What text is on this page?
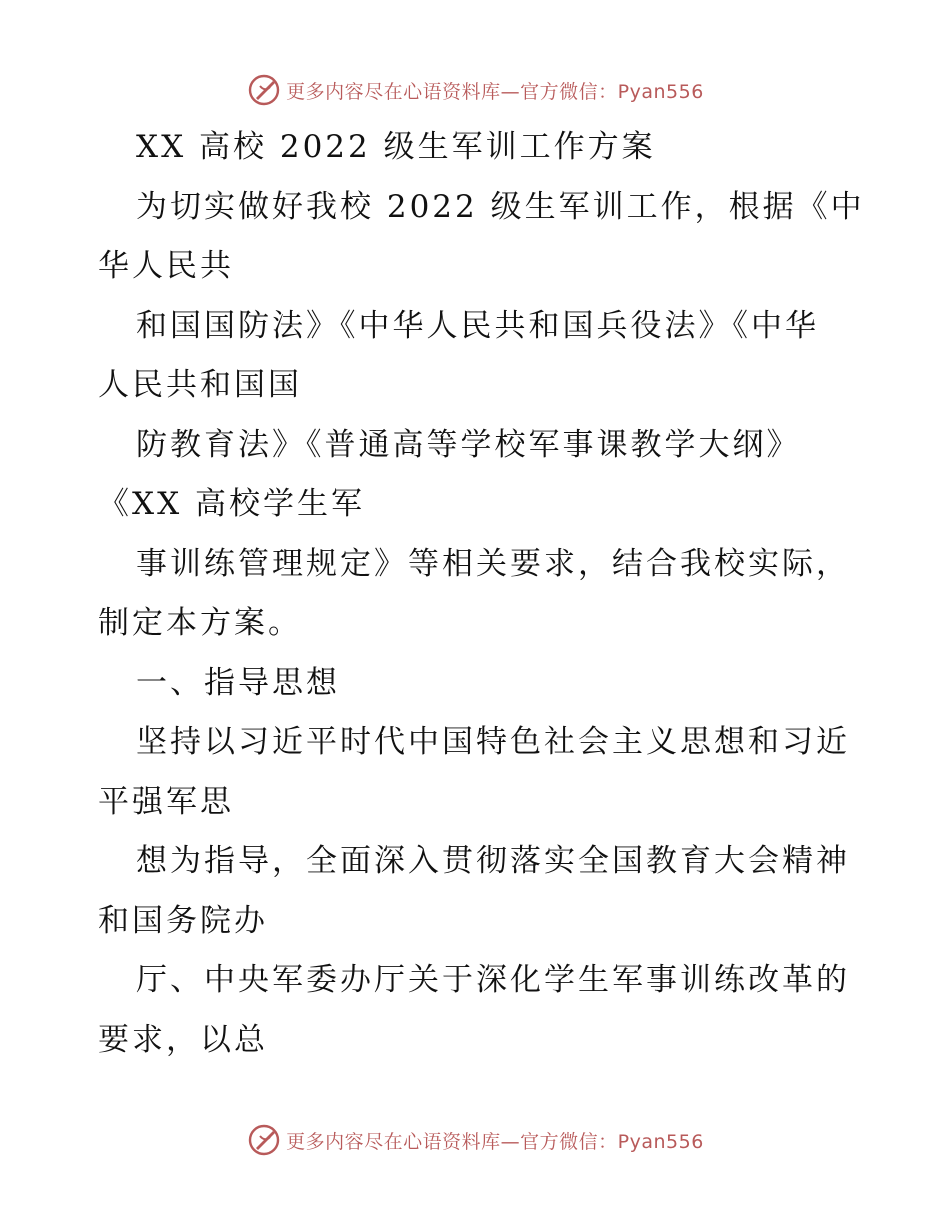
更多内容尽在心语资料库—官方微信：Pyan556
XX 高校 2022 级生军训工作方案
为切实做好我校 2022 级生军训工作，根据《中
华人民共
和国国防法》《中华人民共和国兵役法》《中华
人民共和国国
防教育法》《普通高等学校军事课教学大纲》
《XX 高校学生军
事训练管理规定》等相关要求，结合我校实际，
制定本方案。
一、指导思想
坚持以习近平时代中国特色社会主义思想和习近
平强军思
想为指导，全面深入贯彻落实全国教育大会精神
和国务院办
厅、中央军委办厅关于深化学生军事训练改革的
要求，以总
更多内容尽在心语资料库—官方微信：Pyan556
